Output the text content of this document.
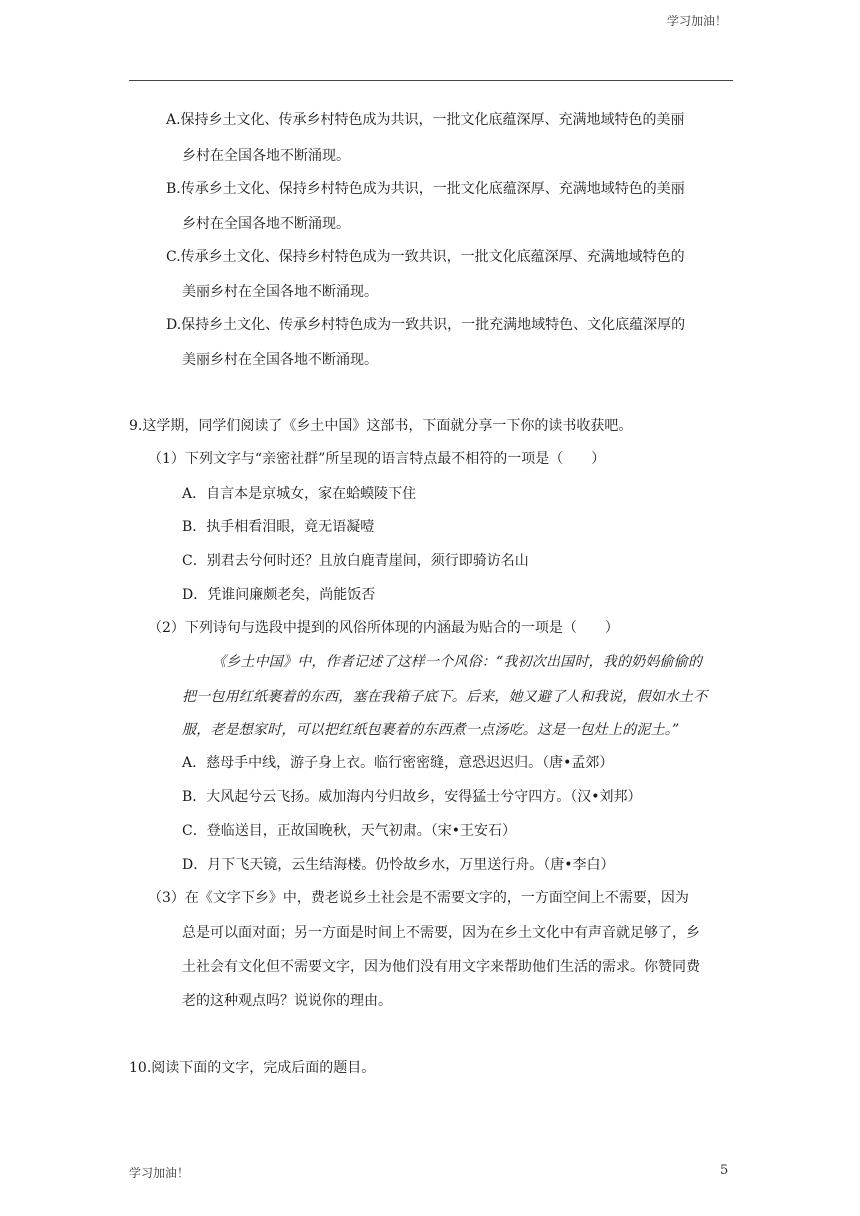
学习加油！
A.保持乡土文化、传承乡村特色成为共识，一批文化底蕴深厚、充满地域特色的美丽
乡村在全国各地不断涌现。
B.传承乡土文化、保持乡村特色成为共识，一批文化底蕴深厚、充满地域特色的美丽
乡村在全国各地不断涌现。
C.传承乡土文化、保持乡村特色成为一致共识，一批文化底蕴深厚、充满地域特色的
美丽乡村在全国各地不断涌现。
D.保持乡土文化、传承乡村特色成为一致共识，一批充满地域特色、文化底蕴深厚的
美丽乡村在全国各地不断涌现。
9.这学期，同学们阅读了《乡土中国》这部书，下面就分享一下你的读书收获吧。
（1）下列文字与“亲密社群”所呈现的语言特点最不相符的一项是（　　）
A．自言本是京城女，家在蛤蟆陵下住
B．执手相看泪眼，竟无语凝噎
C．别君去兮何时还？且放白鹿青崖间，须行即骑访名山
D．凭谁问廉颇老矣，尚能饭否
（2）下列诗句与选段中提到的风俗所体现的内涵最为贴合的一项是（　　）
《乡土中国》中，作者记述了这样一个风俗：“我初次出国时，我的奶妈偷偷的
把一包用红纸裹着的东西，塞在我箱子底下。后来，她又避了人和我说，假如水土不
服，老是想家时，可以把红纸包裹着的东西煮一点汤吃。这是一包灶上的泥土。”
A．慈母手中线，游子身上衣。临行密密缝，意恐迟迟归。（唐•孟郊）
B．大风起兮云飞扬。威加海内兮归故乡，安得猛士兮守四方。（汉•刘邦）
C．登临送目，正故国晚秋，天气初肃。（宋•王安石）
D．月下飞天镜，云生结海楼。仍怜故乡水，万里送行舟。（唐•李白）
（3）在《文字下乡》中，费老说乡土社会是不需要文字的，一方面空间上不需要，因为
总是可以面对面；另一方面是时间上不需要，因为在乡土文化中有声音就足够了，乡
土社会有文化但不需要文字，因为他们没有用文字来帮助他们生活的需求。你赞同费
老的这种观点吗？说说你的理由。
10.阅读下面的文字，完成后面的题目。
学习加油！	5
